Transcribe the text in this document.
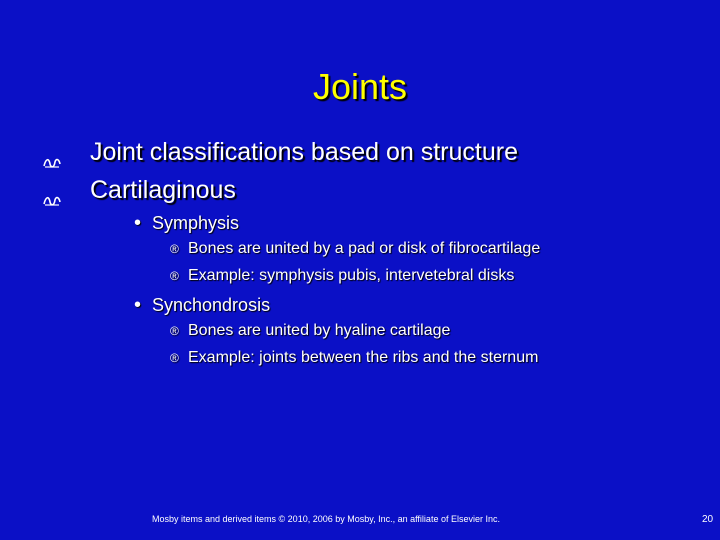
Joints
Joint classifications based on structure
Cartilaginous
• Symphysis
® Bones are united by a pad or disk of fibrocartilage
® Example: symphysis pubis, intervetebral disks
• Synchondrosis
® Bones are united by hyaline cartilage
® Example: joints between the ribs and the sternum
Mosby items and derived items © 2010, 2006 by Mosby, Inc., an affiliate of Elsevier Inc.	20
